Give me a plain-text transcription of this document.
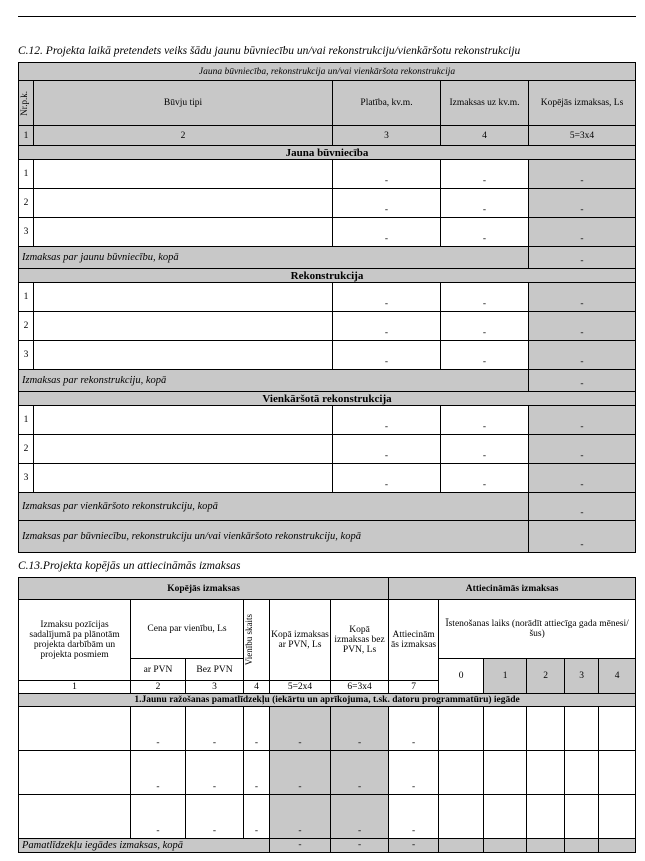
C.12. Projekta laikā pretendets veiks šādu jaunu būvniecību un/vai rekonstrukciju/vienkāršotu rekonstrukciju
Jauna būvniecība, rekonstrukcija un/vai vienkāršota rekonstrukcija				

Nr.p.k.	Būvju tipi	Platība, kv.m.	Izmaksas uz kv.m.	Kopējās izmaksas, Ls
1	2	3	4	5=3x4
Jauna būvniecība				
1		-	-	-
2		-	-	-
3		-	-	-
Izmaksas par jaunu būvniecību, kopā				-
Rekonstrukcija				
1		-	-	-
2		-	-	-
3		-	-	-
Izmaksas par rekonstrukciju, kopā				-
Vienkāršotā rekonstrukcija				
1		-	-	-
2		-	-	-
3		-	-	-
Izmaksas par vienkāršoto rekonstrukciju, kopā				-
Izmaksas par būvniecību, rekonstrukciju un/vai vienkāršoto rekonstrukciju, kopā				-
C.13.Projekta kopējās un attiecināmās izmaksas
Kopējās izmaksas						Attiecināmās izmaksas					
Izmaksu pozīcijas sadalījumā pa plānotām projekta darbībām un projekta posmiem	Cena par vienību, Ls		Vienību skaits	Kopā izmaksas ar PVN, Ls	Kopā izmaksas bez PVN, Ls	Attiecinām ās izmaksas	Īstenošanas laiks (norādīt attiecīga gada mēnesi/šus)				
	ar PVN	Bez PVN					0	1	2	3	4
1	2	3	4	5=2x4	6=3x4	7					
1.Jaunu ražošanas pamatlīdzekļu (iekārtu un aprīkojuma, t.sk. datoru programmatūru) iegāde											
	-	-	-	-	-	-					
	-	-	-	-	-	-					
	-	-	-	-	-	-					
Pamatlīdzekļu iegādes izmaksas, kopā				-	-	-					
